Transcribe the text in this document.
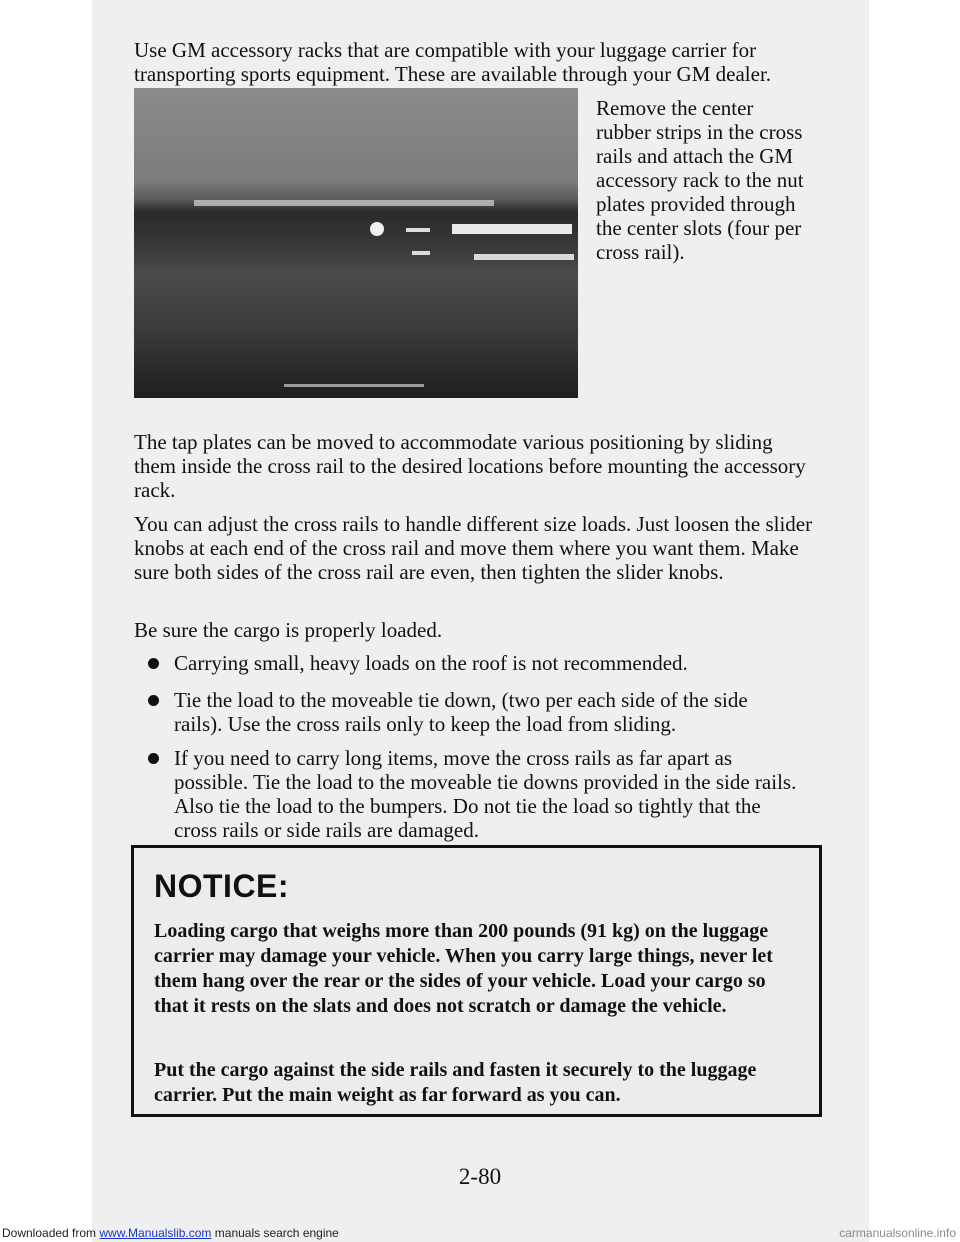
Use GM accessory racks that are compatible with your luggage carrier for transporting sports equipment. These are available through your GM dealer.

Remove the center rubber strips in the cross rails and attach the GM accessory rack to the nut plates provided through the center slots (four per cross rail).

The tap plates can be moved to accommodate various positioning by sliding them inside the cross rail to the desired locations before mounting the accessory rack.

You can adjust the cross rails to handle different size loads. Just loosen the slider knobs at each end of the cross rail and move them where you want them. Make sure both sides of the cross rail are even, then tighten the slider knobs.

Be sure the cargo is properly loaded.

Carrying small, heavy loads on the roof is not recommended.
Tie the load to the moveable tie down, (two per each side of the side rails). Use the cross rails only to keep the load from sliding.
If you need to carry long items, move the cross rails as far apart as possible. Tie the load to the moveable tie downs provided in the side rails. Also tie the load to the bumpers. Do not tie the load so tightly that the cross rails or side rails are damaged.
NOTICE:

Loading cargo that weighs more than 200 pounds (91 kg) on the luggage carrier may damage your vehicle. When you carry large things, never let them hang over the rear or the sides of your vehicle. Load your cargo so that it rests on the slats and does not scratch or damage the vehicle.

Put the cargo against the side rails and fasten it securely to the luggage carrier. Put the main weight as far forward as you can.

2-80
Downloaded from www.Manualslib.com manuals search engine	carmanualsonline.info
